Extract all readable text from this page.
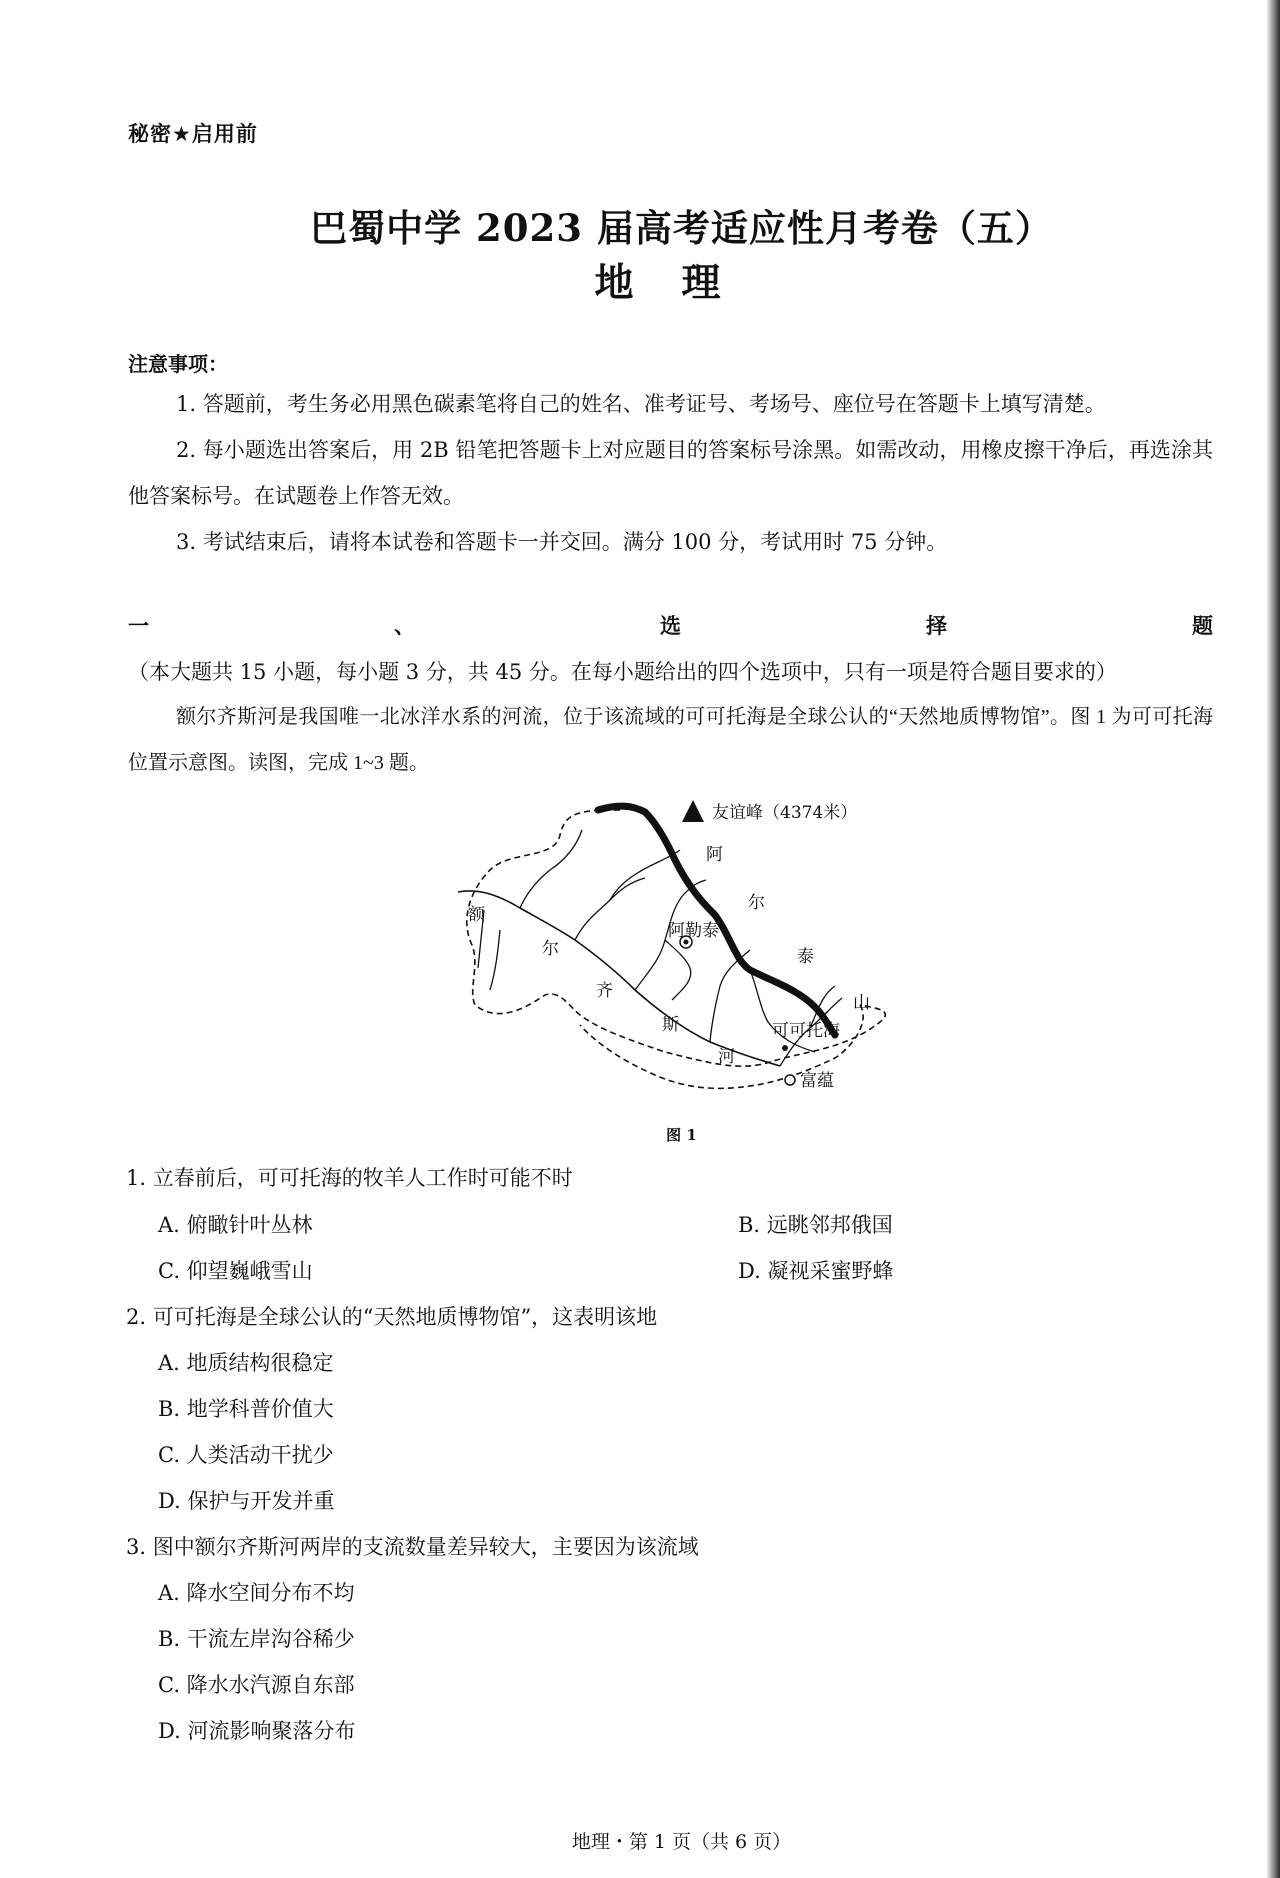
秘密★启用前
巴蜀中学 2023 届高考适应性月考卷（五）
地理
注意事项：

1. 答题前，考生务必用黑色碳素笔将自己的姓名、准考证号、考场号、座位号在答题卡上填写清楚。

2. 每小题选出答案后，用 2B 铅笔把答题卡上对应题目的答案标号涂黑。如需改动，用橡皮擦干净后，再选涂其他答案标号。在试题卷上作答无效。

3. 考试结束后，请将本试卷和答题卡一并交回。满分 100 分，考试用时 75 分钟。

一、选择题（本大题共 15 小题，每小题 3 分，共 45 分。在每小题给出的四个选项中，只有一项是符合题目要求的）
额尔齐斯河是我国唯一北冰洋水系的河流，位于该流域的可可托海是全球公认的“天然地质博物馆”。图 1 为可可托海位置示意图。读图，完成 1~3 题。
友谊峰（4374米）
阿
尔
泰
山
额
尔
齐
斯
河
阿勒泰
可可托海
富蕴
图 1
1. 立春前后，可可托海的牧羊人工作时可能不时
A. 俯瞰针叶丛林	B. 远眺邻邦俄国
C. 仰望巍峨雪山	D. 凝视采蜜野蜂
2. 可可托海是全球公认的“天然地质博物馆”，这表明该地
A. 地质结构很稳定
B. 地学科普价值大
C. 人类活动干扰少
D. 保护与开发并重
3. 图中额尔齐斯河两岸的支流数量差异较大，主要因为该流域
A. 降水空间分布不均
B. 干流左岸沟谷稀少
C. 降水水汽源自东部
D. 河流影响聚落分布
地理・第 1 页（共 6 页）
